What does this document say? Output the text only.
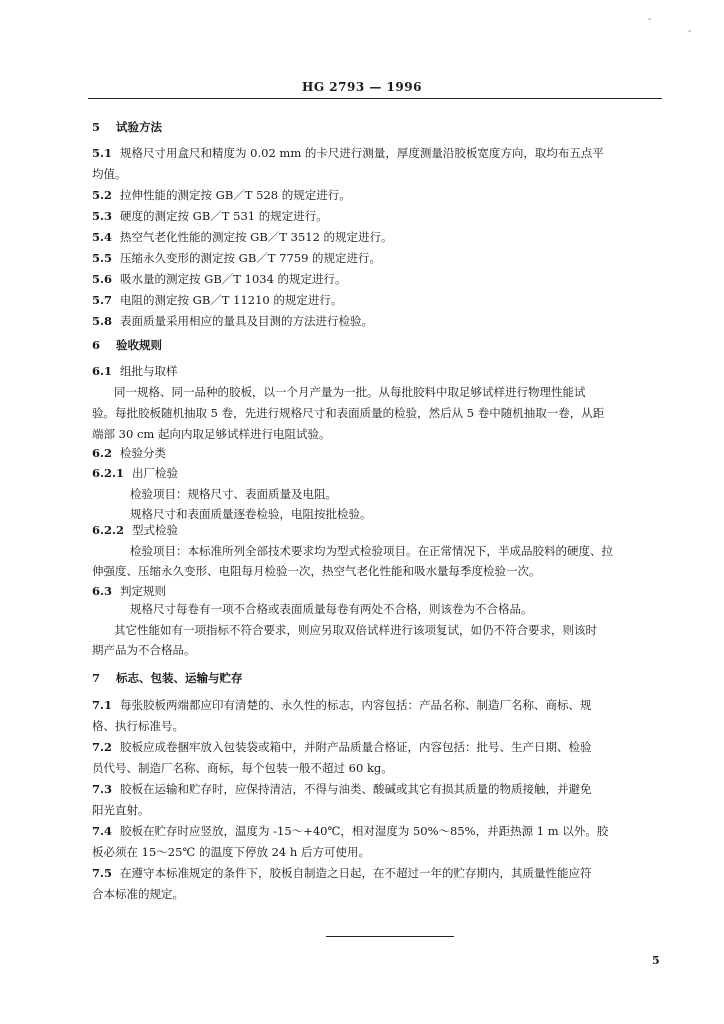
-
-
HG 2793 — 1996
5 试验方法
5.1 规格尺寸用盒尺和精度为 0.02 mm 的卡尺进行测量，厚度测量沿胶板宽度方向，取均布五点平
均值。
5.2 拉伸性能的测定按 GB／T 528 的规定进行。
5.3 硬度的测定按 GB／T 531 的规定进行。
5.4 热空气老化性能的测定按 GB／T 3512 的规定进行。
5.5 压缩永久变形的测定按 GB／T 7759 的规定进行。
5.6 吸水量的测定按 GB／T 1034 的规定进行。
5.7 电阻的测定按 GB／T 11210 的规定进行。
5.8 表面质量采用相应的量具及目测的方法进行检验。
6 验收规则
6.1 组批与取样
同一规格、同一品种的胶板，以一个月产量为一批。从每批胶料中取足够试样进行物理性能试
验。每批胶板随机抽取 5 卷，先进行规格尺寸和表面质量的检验，然后从 5 卷中随机抽取一卷，从距
端部 30 cm 起向内取足够试样进行电阻试验。
6.2 检验分类
6.2.1 出厂检验
检验项目：规格尺寸、表面质量及电阻。
规格尺寸和表面质量逐卷检验，电阻按批检验。
6.2.2 型式检验
检验项目：本标准所列全部技术要求均为型式检验项目。在正常情况下，半成品胶料的硬度、拉
伸强度、压缩永久变形、电阻每月检验一次，热空气老化性能和吸水量每季度检验一次。
6.3 判定规则
规格尺寸每卷有一项不合格或表面质量每卷有两处不合格，则该卷为不合格品。
其它性能如有一项指标不符合要求，则应另取双倍试样进行该项复试，如仍不符合要求，则该时
期产品为不合格品。
7 标志、包装、运输与贮存
7.1 每张胶板两端都应印有清楚的、永久性的标志，内容包括：产品名称、制造厂名称、商标、规
格、执行标准号。
7.2 胶板应成卷捆牢放入包装袋或箱中，并附产品质量合格证，内容包括：批号、生产日期、检验
员代号、制造厂名称、商标，每个包装一般不超过 60 kg。
7.3 胶板在运输和贮存时，应保持清洁，不得与油类、酸碱或其它有损其质量的物质接触，并避免
阳光直射。
7.4 胶板在贮存时应竖放，温度为 -15～+40℃，相对湿度为 50%～85%，并距热源 1 m 以外。胶
板必须在 15～25℃ 的温度下停放 24 h 后方可使用。
7.5 在遵守本标准规定的条件下，胶板自制造之日起，在不超过一年的贮存期内，其质量性能应符
合本标准的规定。
5
